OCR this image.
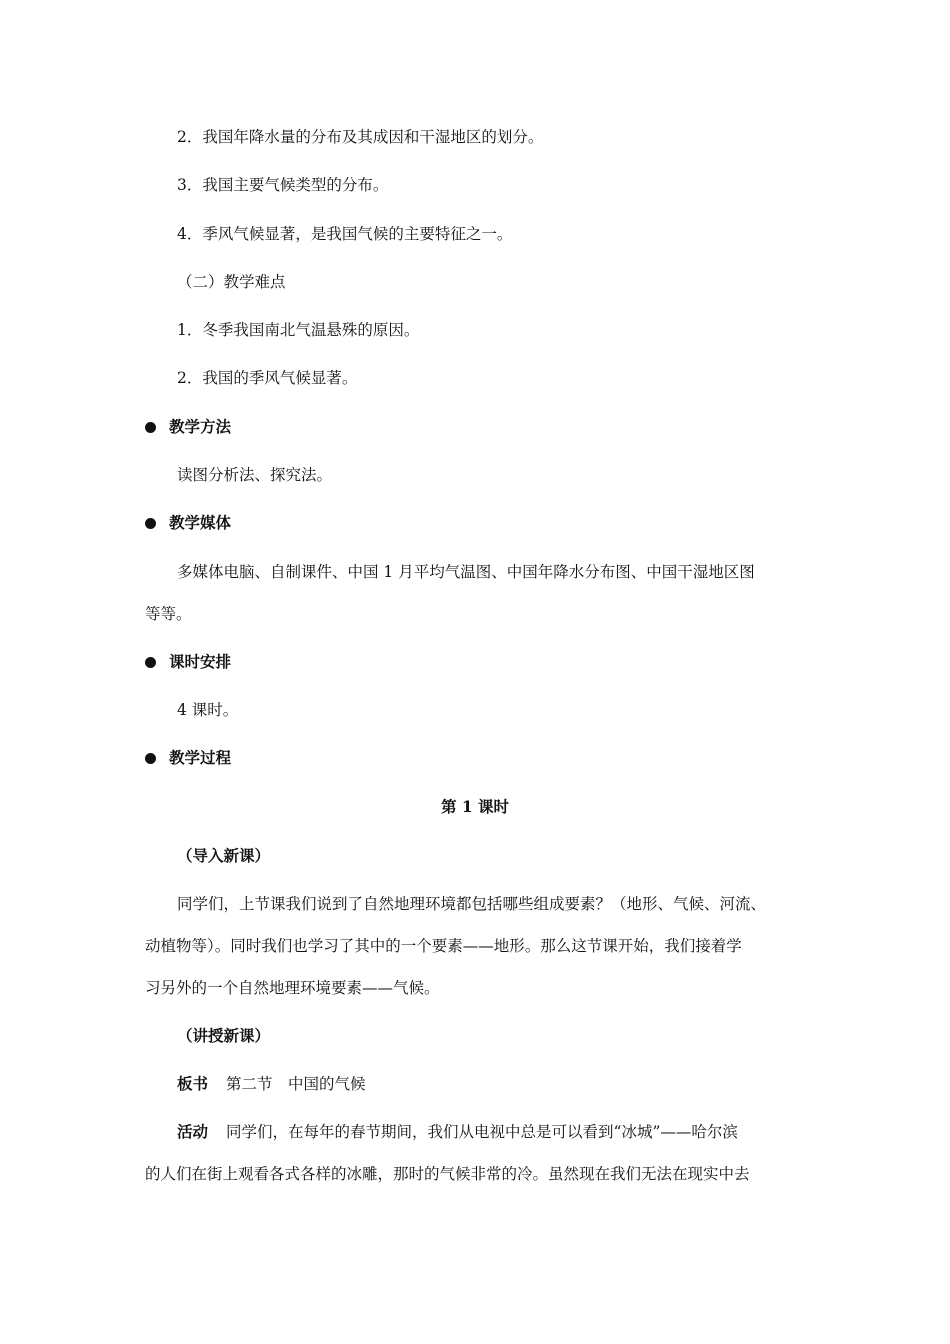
2．我国年降水量的分布及其成因和干湿地区的划分。
3．我国主要气候类型的分布。
4．季风气候显著，是我国气候的主要特征之一。
（二）教学难点
1．冬季我国南北气温悬殊的原因。
2．我国的季风气候显著。
教学方法
读图分析法、探究法。
教学媒体
多媒体电脑、自制课件、中国 1 月平均气温图、中国年降水分布图、中国干湿地区图
等等。
课时安排
4 课时。
教学过程
第 1 课时
（导入新课）
同学们，上节课我们说到了自然地理环境都包括哪些组成要素？（地形、气候、河流、
动植物等）。同时我们也学习了其中的一个要素——地形。那么这节课开始，我们接着学
习另外的一个自然地理环境要素——气候。
（讲授新课）
板书 第二节　中国的气候
活动 同学们，在每年的春节期间，我们从电视中总是可以看到“冰城”——哈尔滨
的人们在街上观看各式各样的冰雕，那时的气候非常的冷。虽然现在我们无法在现实中去
